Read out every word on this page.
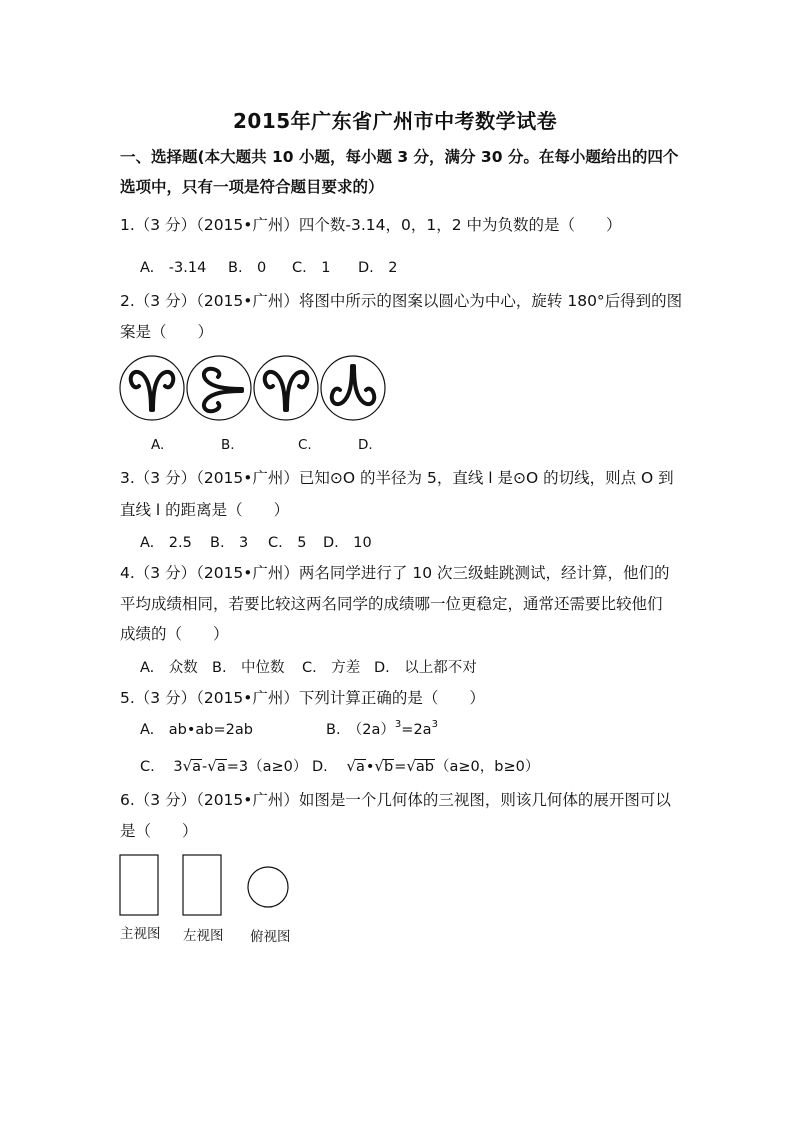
2015年广东省广州市中考数学试卷
一、选择题(本大题共 10 小题，每小题 3 分，满分 30 分。在每小题给出的四个
选项中，只有一项是符合题目要求的）
1.（3 分）（2015•广州）四个数-3.14，0，1，2 中为负数的是（　　）
A.　-3.14 B.　0 C.　1 D.　2
2.（3 分）（2015•广州）将图中所示的图案以圆心为中心，旋转 180°后得到的图
案是（　　）
A.	B.	C.	D.
3.（3 分）（2015•广州）已知⊙O 的半径为 5，直线 l 是⊙O 的切线，则点 O 到
直线 l 的距离是（　　）
A.　2.5 B.　3 C.　5 D.　10
4.（3 分）（2015•广州）两名同学进行了 10 次三级蛙跳测试，经计算，他们的
平均成绩相同，若要比较这两名同学的成绩哪一位更稳定，通常还需要比较他们
成绩的（　　）
A.　众数 B.　中位数 C.　方差 D.　以上都不对
5.（3 分）（2015•广州）下列计算正确的是（　　）
A.　ab•ab=2ab	B.　$(2a)^3=2a^3$
C. 3√a-√a=3（a≥0） D. √a•√b=√ab（a≥0，b≥0）
6.（3 分）（2015•广州）如图是一个几何体的三视图，则该几何体的展开图可以
是（　　）
主视图 左视图 俯视图
